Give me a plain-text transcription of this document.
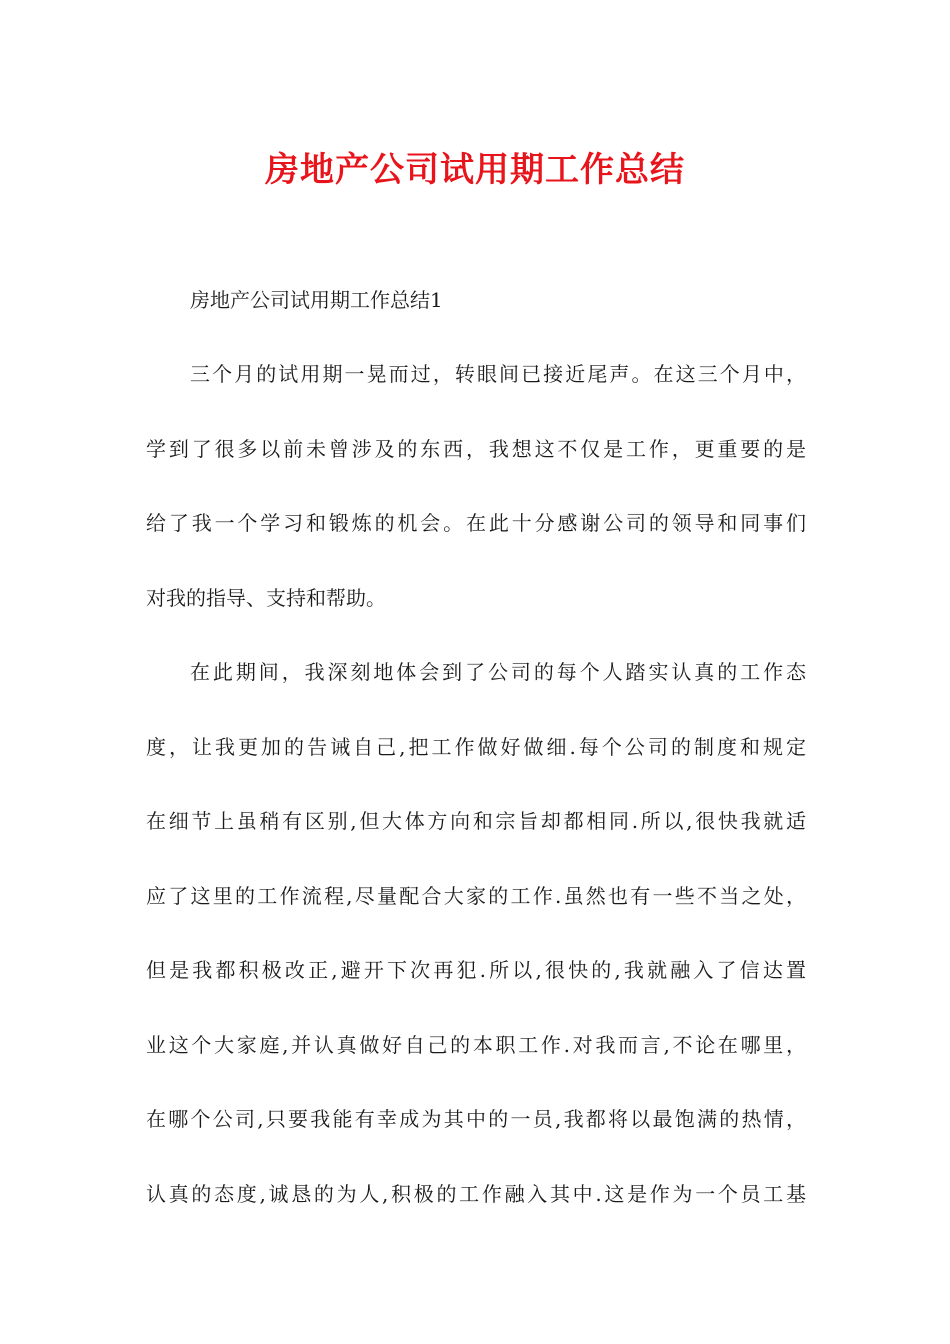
房地产公司试用期工作总结

房地产公司试用期工作总结1

三个月的试用期一晃而过，转眼间已接近尾声。在这三个月中，
学到了很多以前未曾涉及的东西，我想这不仅是工作，更重要的是
给了我一个学习和锻炼的机会。在此十分感谢公司的领导和同事们
对我的指导、支持和帮助。

在此期间，我深刻地体会到了公司的每个人踏实认真的工作态
度，让我更加的告诫自己,把工作做好做细.每个公司的制度和规定
在细节上虽稍有区别,但大体方向和宗旨却都相同.所以,很快我就适
应了这里的工作流程,尽量配合大家的工作.虽然也有一些不当之处，
但是我都积极改正,避开下次再犯.所以,很快的,我就融入了信达置
业这个大家庭,并认真做好自己的本职工作.对我而言,不论在哪里，
在哪个公司,只要我能有幸成为其中的一员,我都将以最饱满的热情，
认真的态度,诚恳的为人,积极的工作融入其中.这是作为一个员工基
